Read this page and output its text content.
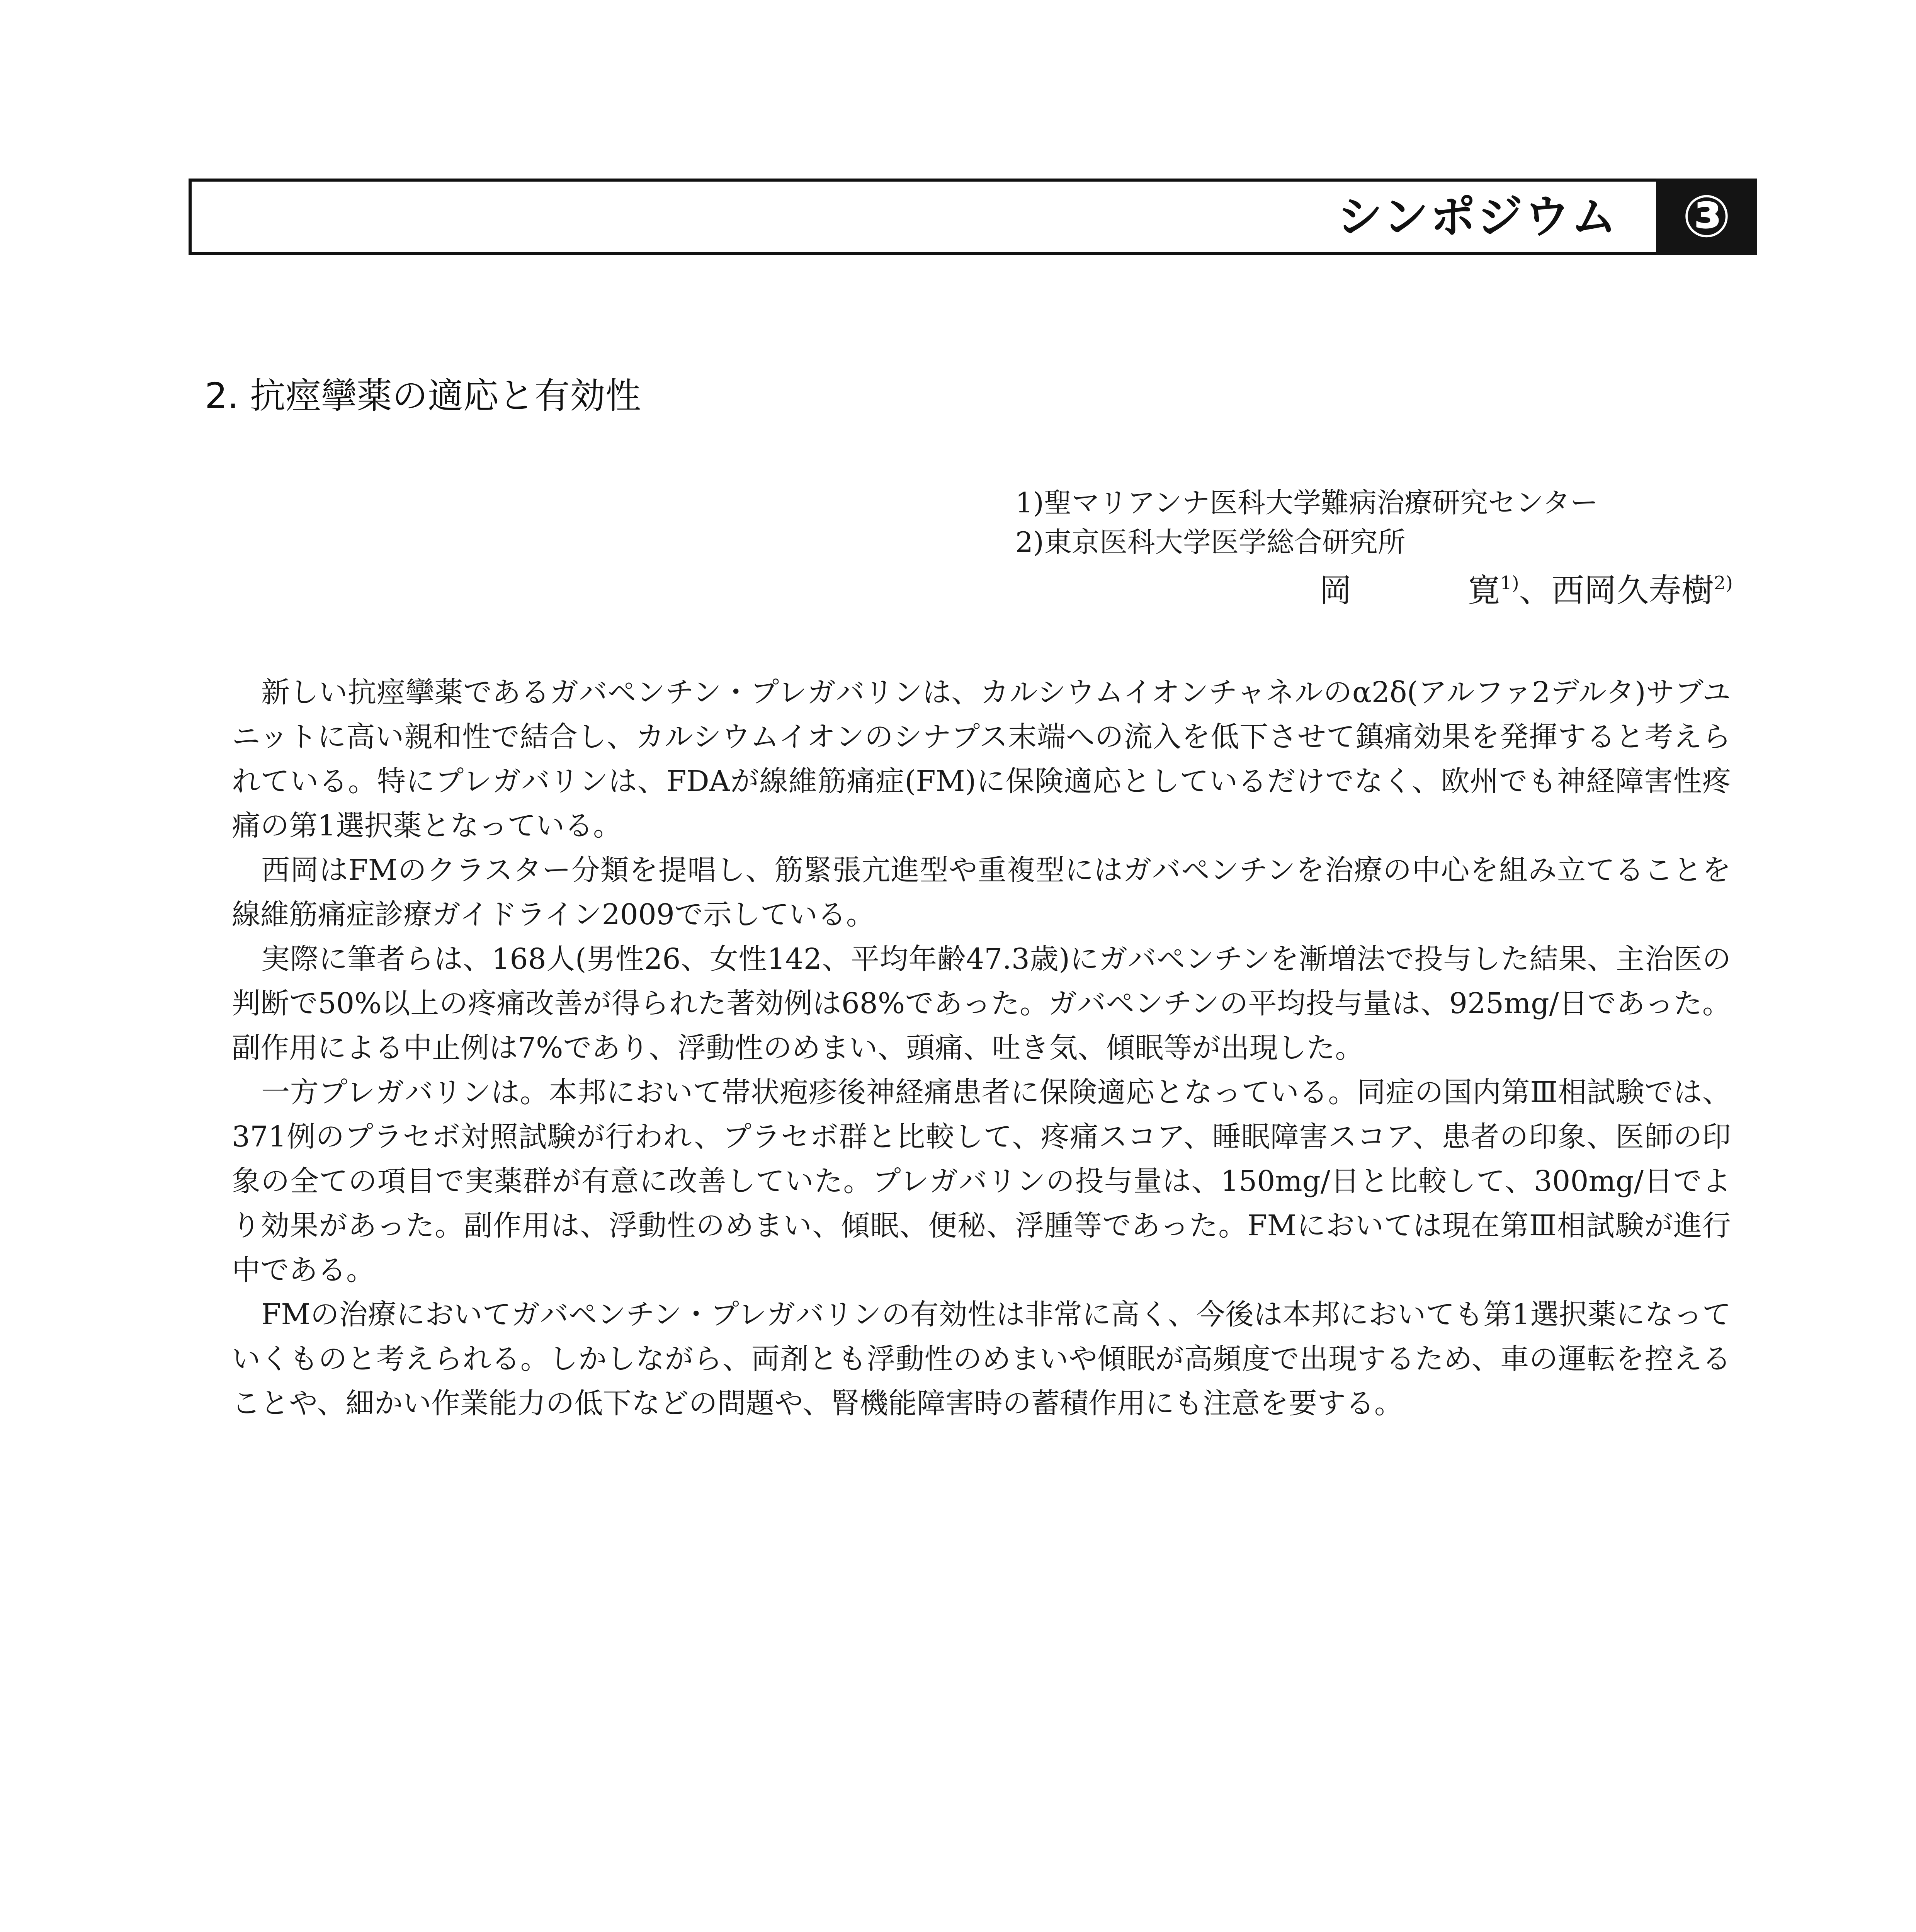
シンポジウム ③
2. 抗痙攣薬の適応と有効性
1)聖マリアンナ医科大学難病治療研究センター
2)東京医科大学医学総合研究所
岡	寛$^{1)}$、西岡久寿樹$^{2)}$

新しい抗痙攣薬であるガバペンチン・プレガバリンは、カルシウムイオンチャネルのα2δ(アルファ2デルタ)サブユニットに高い親和性で結合し、カルシウムイオンのシナプス末端への流入を低下させて鎮痛効果を発揮すると考えられている。特にプレガバリンは、FDAが線維筋痛症(FM)に保険適応としているだけでなく、欧州でも神経障害性疼痛の第1選択薬となっている。

西岡はFMのクラスター分類を提唱し、筋緊張亢進型や重複型にはガバペンチンを治療の中心を組み立てることを線維筋痛症診療ガイドライン2009で示している。

実際に筆者らは、168人(男性26、女性142、平均年齢47.3歳)にガバペンチンを漸増法で投与した結果、主治医の判断で50%以上の疼痛改善が得られた著効例は68%であった。ガバペンチンの平均投与量は、925mg/日であった。副作用による中止例は7%であり、浮動性のめまい、頭痛、吐き気、傾眠等が出現した。

一方プレガバリンは。本邦において帯状疱疹後神経痛患者に保険適応となっている。同症の国内第Ⅲ相試験では、371例のプラセボ対照試験が行われ、プラセボ群と比較して、疼痛スコア、睡眠障害スコア、患者の印象、医師の印象の全ての項目で実薬群が有意に改善していた。プレガバリンの投与量は、150mg/日と比較して、300mg/日でより効果があった。副作用は、浮動性のめまい、傾眠、便秘、浮腫等であった。FMにおいては現在第Ⅲ相試験が進行中である。

FMの治療においてガバペンチン・プレガバリンの有効性は非常に高く、今後は本邦においても第1選択薬になっていくものと考えられる。しかしながら、両剤とも浮動性のめまいや傾眠が高頻度で出現するため、車の運転を控えることや、細かい作業能力の低下などの問題や、腎機能障害時の蓄積作用にも注意を要する。
